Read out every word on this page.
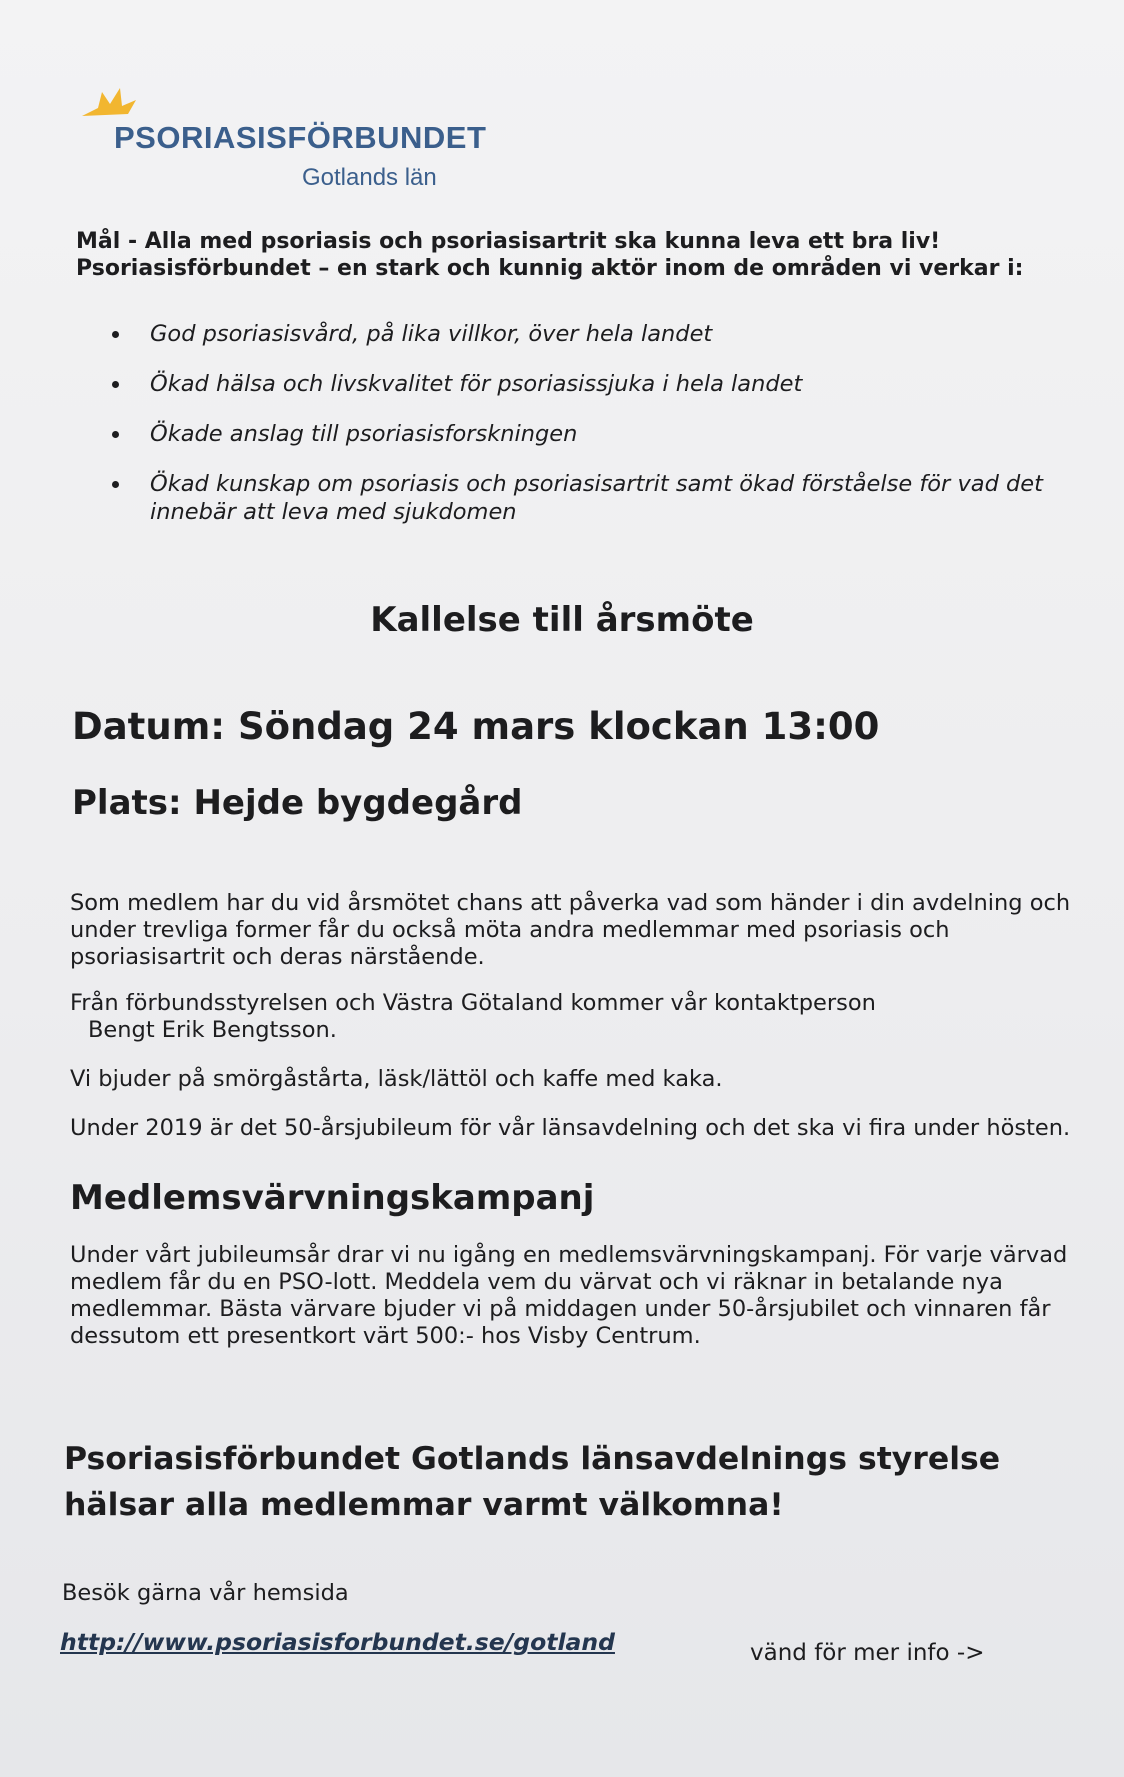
PSORIASISFÖRBUNDET
Gotlands län

Mål - Alla med psoriasis och psoriasisartrit ska kunna leva ett bra liv!

Psoriasisförbundet – en stark och kunnig aktör inom de områden vi verkar i:

God psoriasisvård, på lika villkor, över hela landet
Ökad hälsa och livskvalitet för psoriasissjuka i hela landet
Ökade anslag till psoriasisforskningen
Ökad kunskap om psoriasis och psoriasisartrit samt ökad förståelse för vad det innebär att leva med sjukdomen
Kallelse till årsmöte
Datum: Söndag 24 mars klockan 13:00
Plats: Hejde bygdegård

Som medlem har du vid årsmötet chans att påverka vad som händer i din avdelning och under trevliga former får du också möta andra medlemmar med psoriasis och psoriasisartrit och deras närstående.

Från förbundsstyrelsen och Västra Götaland kommer vår kontaktperson
Bengt Erik Bengtsson.

Vi bjuder på smörgåstårta, läsk/lättöl och kaffe med kaka.

Under 2019 är det 50-årsjubileum för vår länsavdelning och det ska vi fira under hösten.

Medlemsvärvningskampanj

Under vårt jubileumsår drar vi nu igång en medlemsvärvningskampanj. För varje värvad medlem får du en PSO-lott. Meddela vem du värvat och vi räknar in betalande nya medlemmar. Bästa värvare bjuder vi på middagen under 50-årsjubilet och vinnaren får dessutom ett presentkort värt 500:- hos Visby Centrum.

Psoriasisförbundet Gotlands länsavdelnings styrelse hälsar alla medlemmar varmt välkomna!

Besök gärna vår hemsida

http://www.psoriasisforbundet.se/gotland	vänd för mer info ->
